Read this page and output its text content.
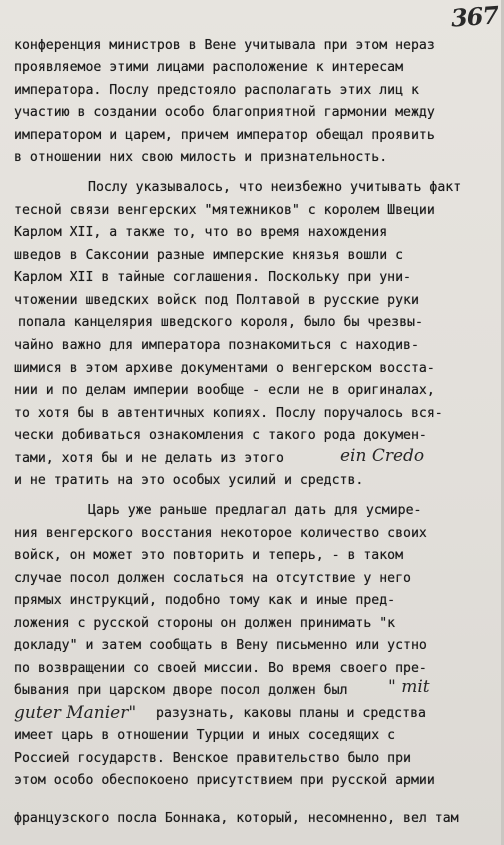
367
конференция министров в Вене учитывала при этом нераз
проявляемое этими лицами расположение к интересам
императора. Послу предстояло располагать этих лиц к
участию в создании особо благоприятной гармонии между
императором и царем, причем император обещал проявить
в отношении них свою милость и признательность.
Послу указывалось, что неизбежно учитывать факт
тесной связи венгерских "мятежников" с королем Швеции
Карлом XII, а также то, что во время нахождения
шведов в Саксонии разные имперские князья вошли с
Карлом XII в тайные соглашения. Поскольку при уни-
чтожении шведских войск под Полтавой в русские руки
попала канцелярия шведского короля, было бы чрезвы-
чайно важно для императора познакомиться с находив-
шимися в этом архиве документами о венгерском восста-
нии и по делам империи вообще - если не в оригиналах,
то хотя бы в автентичных копиях. Послу поручалось вся-
чески добиваться ознакомления с такого рода докумен-
тами, хотя бы и не делать из этого	ein Credo
и не тратить на это особых усилий и средств.
Царь уже раньше предлагал дать для усмире-
ния венгерского восстания некоторое количество своих
войск, он может это повторить и теперь, - в таком
случае посол должен сослаться на отсутствие у него
прямых инструкций, подобно тому как и иные пред-
ложения с русской стороны он должен принимать "к
докладу" и затем сообщать в Вену письменно или устно
по возвращении со своей миссии. Во время своего пре-
бывания при царском дворе посол должен был " mit
guter Manier" разузнать, каковы планы и средства
имеет царь в отношении Турции и иных соседящих с
Россией государств. Венское правительство было при
этом особо обеспокоено присутствием при русской армии
французского посла Боннака, который, несомненно, вел там
